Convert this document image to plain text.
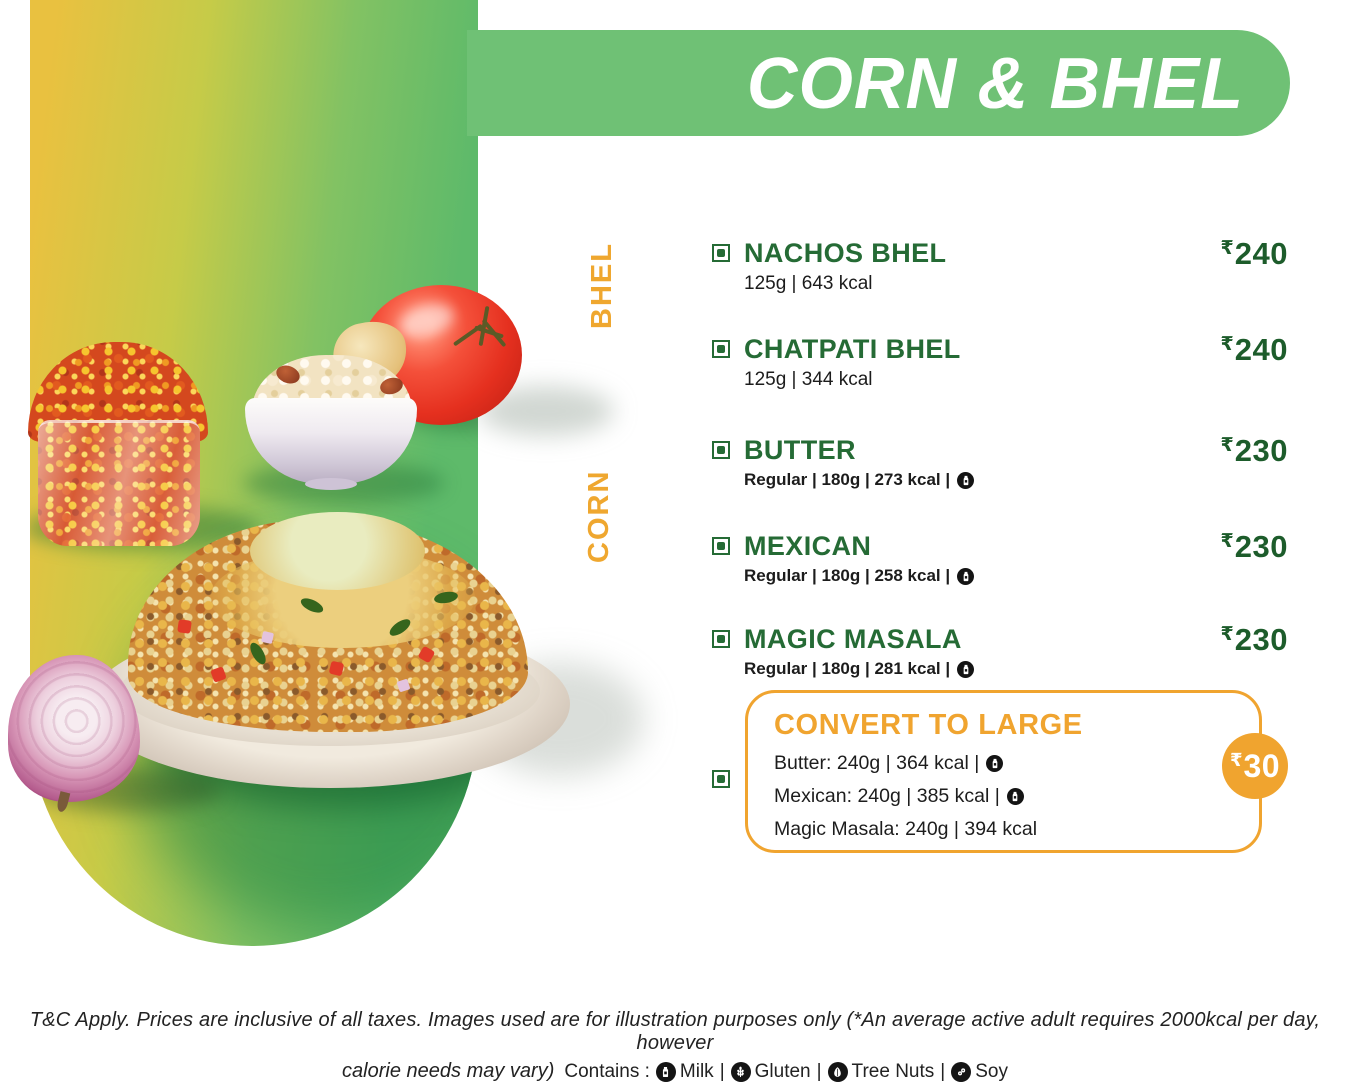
CORN & BHEL
BHEL
CORN
NACHOS BHEL
125g | 643 kcal
₹240
CHATPATI BHEL
125g | 344 kcal
₹240
BUTTER
Regular | 180g | 273 kcal |
₹230
MEXICAN
Regular | 180g | 258 kcal |
₹230
MAGIC MASALA
Regular | 180g | 281 kcal |
₹230
CONVERT TO LARGE
Butter: 240g | 364 kcal |
Mexican: 240g | 385 kcal |
Magic Masala: 240g | 394 kcal
₹ 30
T&C Apply. Prices are inclusive of all taxes. Images used are for illustration purposes only (*An average active adult requires 2000kcal per day, however
calorie needs may vary) Contains : Milk | Gluten | Tree Nuts | Soy
